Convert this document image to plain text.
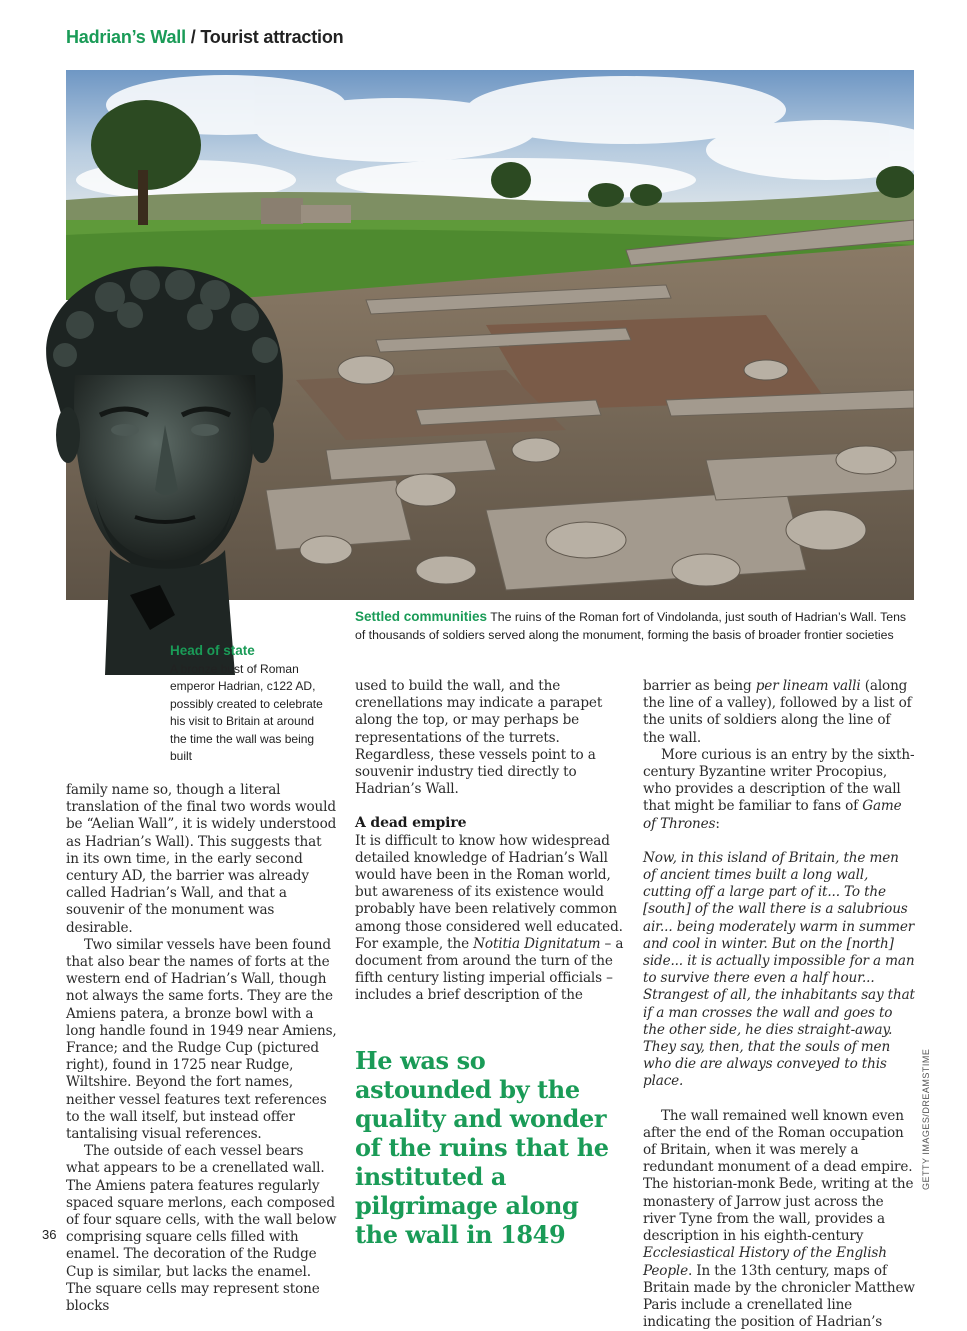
Hadrian’s Wall / Tourist attraction
Settled communities The ruins of the Roman fort of Vindolanda, just south of Hadrian’s Wall. Tens of thousands of soldiers served along the monument, forming the basis of broader frontier societies
Head of state
A bronze bust of Roman emperor Hadrian, c122 AD, possibly created to celebrate his visit to Britain at around the time the wall was being built

family name so, though a literal translation of the final two words would be “Aelian Wall”, it is widely understood as Hadrian’s Wall). This suggests that in its own time, in the early second century AD, the barrier was already called Hadrian’s Wall, and that a souvenir of the monument was desirable.

Two similar vessels have been found that also bear the names of forts at the western end of Hadrian’s Wall, though not always the same forts. They are the Amiens patera, a bronze bowl with a long handle found in 1949 near Amiens, France; and the Rudge Cup (pictured right), found in 1725 near Rudge, Wiltshire. Beyond the fort names, neither vessel features text references to the wall itself, but instead offer tantalising visual references.

The outside of each vessel bears what appears to be a crenellated wall. The Amiens patera features regularly spaced square merlons, each composed of four square cells, with the wall below comprising square cells filled with enamel. The decoration of the Rudge Cup is similar, but lacks the enamel. The square cells may represent stone blocks

used to build the wall, and the crenellations may indicate a parapet along the top, or may perhaps be representations of the turrets. Regardless, these vessels point to a souvenir industry tied directly to Hadrian’s Wall.

A dead empire

It is difficult to know how widespread detailed knowledge of Hadrian’s Wall would have been in the Roman world, but awareness of its existence would probably have been relatively common among those considered well educated. For example, the Notitia Dignitatum – a document from around the turn of the fifth century listing imperial officials – includes a brief description of the

He was so astounded by the quality and wonder of the ruins that he instituted a pilgrimage along the wall in 1849

barrier as being per lineam valli (along the line of a valley), followed by a list of the units of soldiers along the line of the wall.

More curious is an entry by the sixth-century Byzantine writer Procopius, who provides a description of the wall that might be familiar to fans of Game of Thrones:

Now, in this island of Britain, the men of ancient times built a long wall, cutting off a large part of it... To the [south] of the wall there is a salubrious air... being moderately warm in summer and cool in winter. But on the [north] side... it is actually impossible for a man to survive there even a half hour... Strangest of all, the inhabitants say that if a man crosses the wall and goes to the other side, he dies straight-away. They say, then, that the souls of men who die are always conveyed to this place.

The wall remained well known even after the end of the Roman occupation of Britain, when it was merely a redundant monument of a dead empire. The historian-monk Bede, writing at the monastery of Jarrow just across the river Tyne from the wall, provides a description in his eighth-century Ecclesiastical History of the English People. In the 13th century, maps of Britain made by the chronicler Matthew Paris include a crenellated line indicating the position of Hadrian’s

GETTY IMAGES/DREAMSTIME
36
